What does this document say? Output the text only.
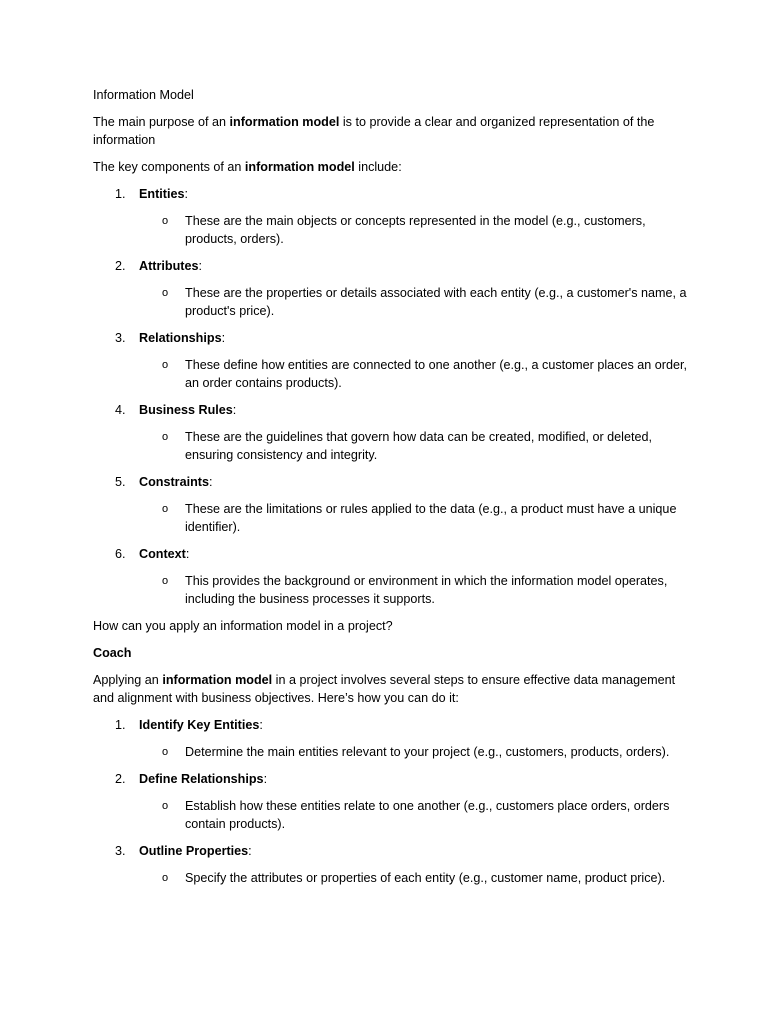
Information Model

The main purpose of an information model is to provide a clear and organized representation of the information

The key components of an information model include:

1. Entities:

o These are the main objects or concepts represented in the model (e.g., customers, products, orders).

2. Attributes:

o These are the properties or details associated with each entity (e.g., a customer's name, a product's price).

3. Relationships:

o These define how entities are connected to one another (e.g., a customer places an order, an order contains products).

4. Business Rules:

o These are the guidelines that govern how data can be created, modified, or deleted, ensuring consistency and integrity.

5. Constraints:

o These are the limitations or rules applied to the data (e.g., a product must have a unique identifier).

6. Context:

o This provides the background or environment in which the information model operates, including the business processes it supports.

How can you apply an information model in a project?

Coach

Applying an information model in a project involves several steps to ensure effective data management and alignment with business objectives. Here’s how you can do it:

1. Identify Key Entities:

o Determine the main entities relevant to your project (e.g., customers, products, orders).

2. Define Relationships:

o Establish how these entities relate to one another (e.g., customers place orders, orders contain products).

3. Outline Properties:

o Specify the attributes or properties of each entity (e.g., customer name, product price).
